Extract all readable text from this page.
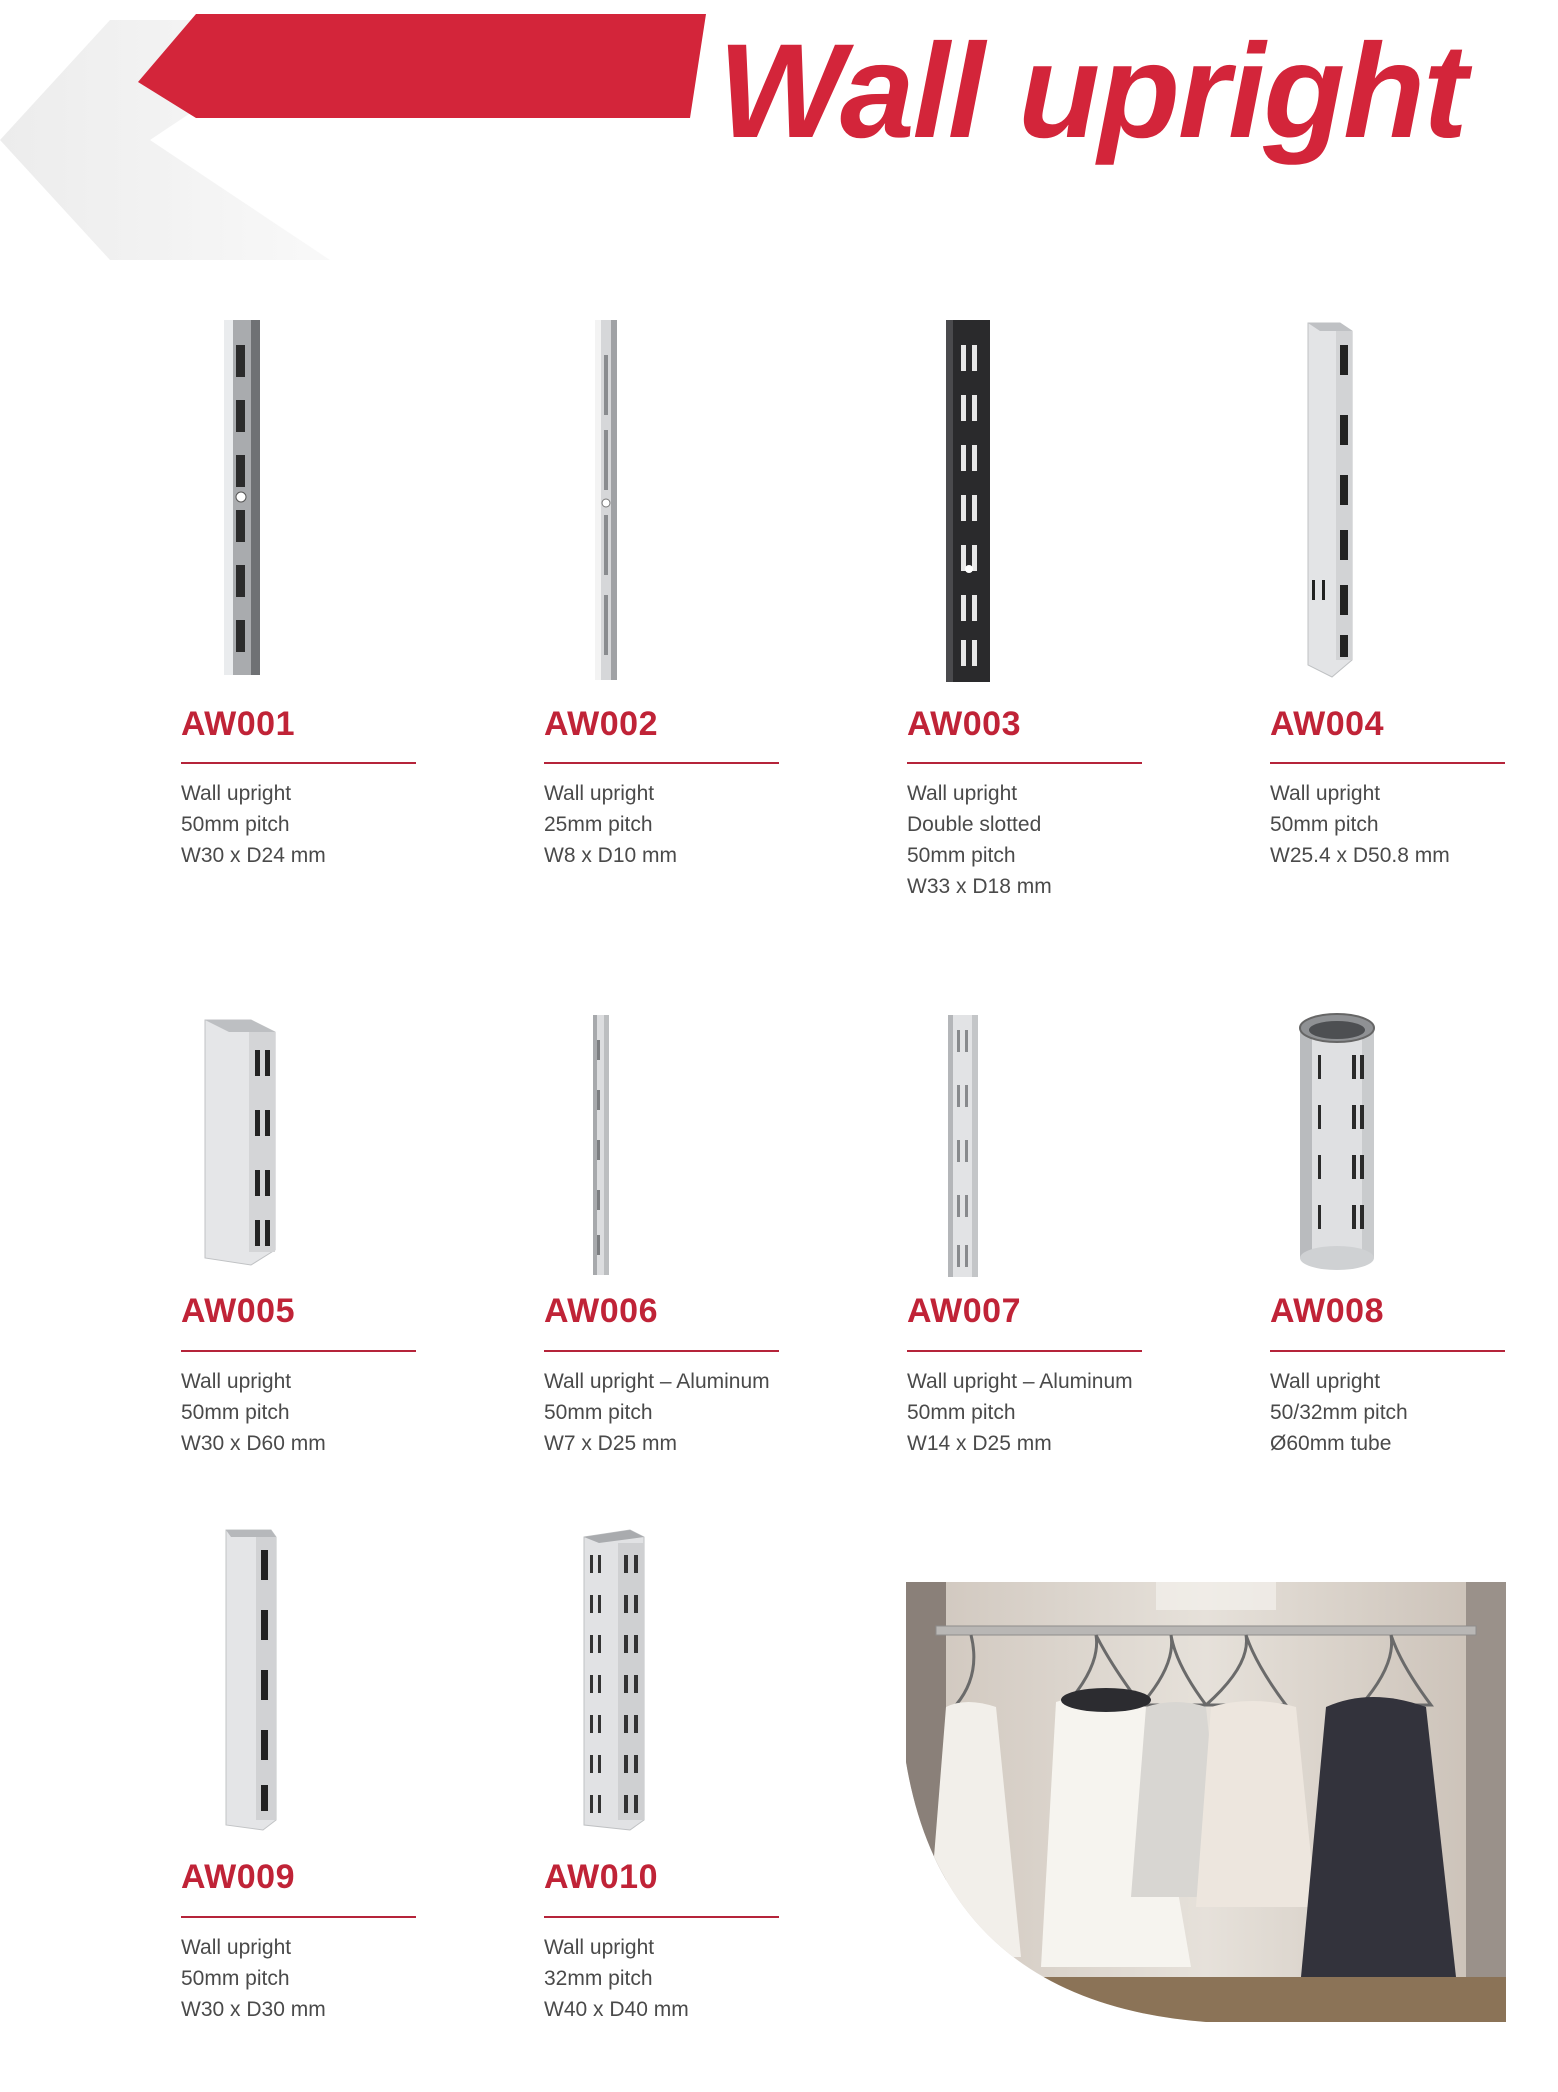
Wall upright
AW001
Wall upright
50mm pitch
W30 x D24 mm
AW002
Wall upright
25mm pitch
W8 x D10 mm
AW003
Wall upright
Double slotted
50mm pitch
W33 x D18 mm
AW004
Wall upright
50mm pitch
W25.4 x D50.8 mm
AW005
Wall upright
50mm pitch
W30 x D60 mm
AW006
Wall upright – Aluminum
50mm pitch
W7 x D25 mm
AW007
Wall upright – Aluminum
50mm pitch
W14 x D25 mm
AW008
Wall upright
50/32mm pitch
Ø60mm tube
AW009
Wall upright
50mm pitch
W30 x D30 mm
AW010
Wall upright
32mm pitch
W40 x D40 mm
